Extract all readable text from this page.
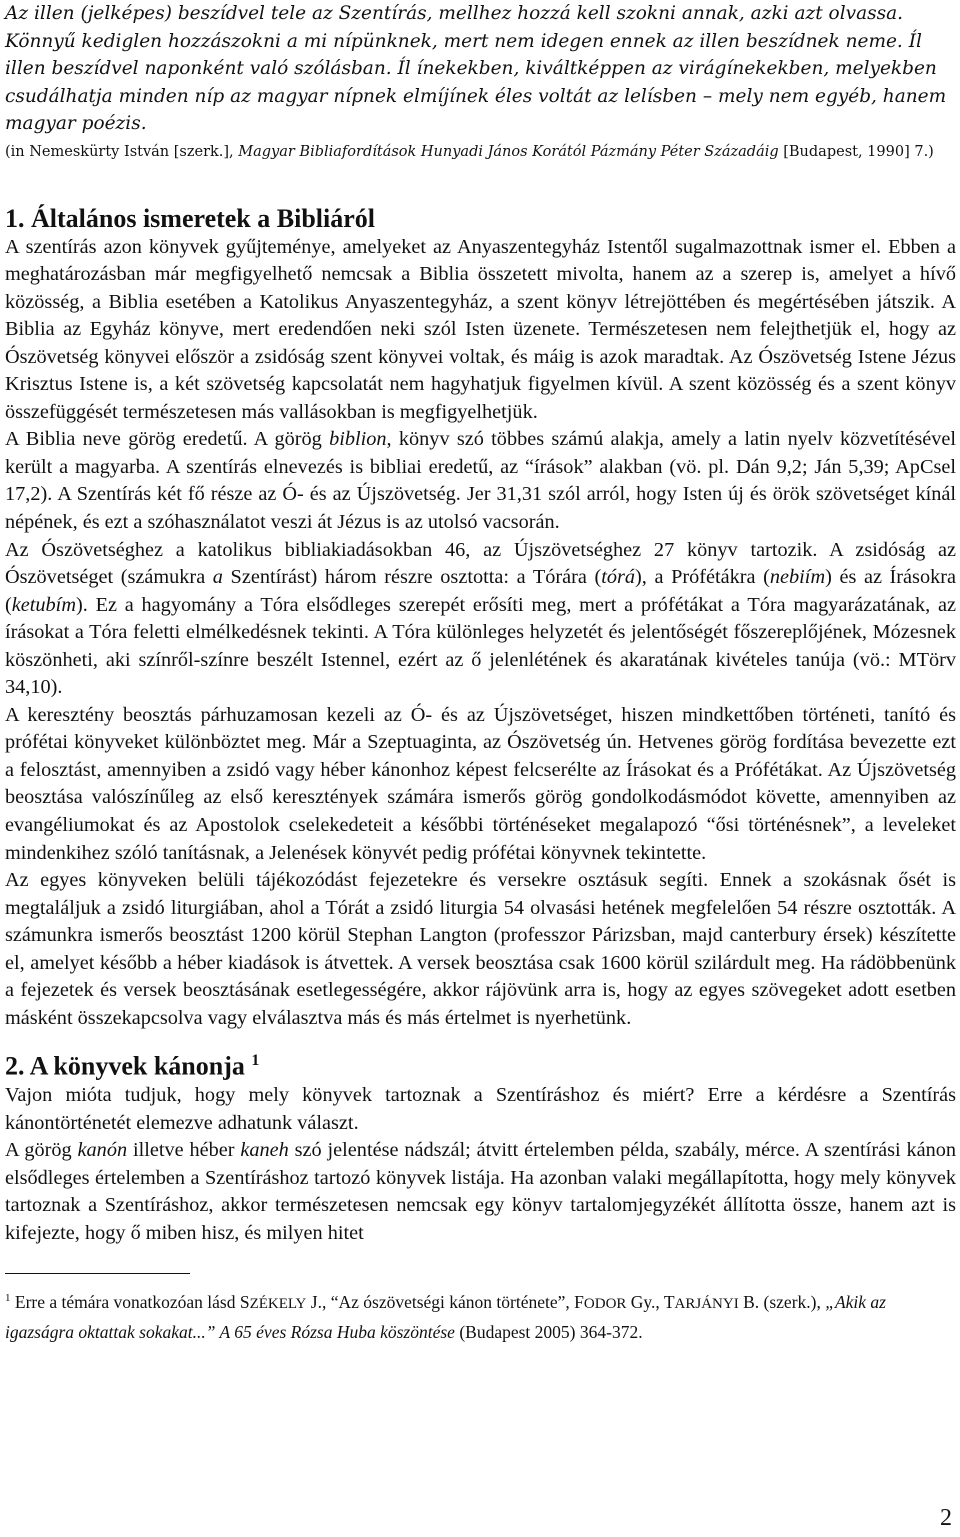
Az illen (jelképes) beszídvel tele az Szentírás, mellhez hozzá kell szokni annak, azki azt olvassa. Könnyű kediglen hozzászokni a mi nípünknek, mert nem idegen ennek az illen beszídnek neme. Íl illen beszídvel naponként való szólásban. Íl ínekekben, kiváltképpen az virágínekekben, melyekben csudálhatja minden níp az magyar nípnek elmíjínek éles voltát az lelísben – mely nem egyéb, hanem magyar poézis.

(in Nemeskürty István [szerk.], Magyar Bibliafordítások Hunyadi János Korától Pázmány Péter Századáig [Budapest, 1990] 7.)

1. Általános ismeretek a Bibliáról

A szentírás azon könyvek gyűjteménye, amelyeket az Anyaszentegyház Istentől sugalmazottnak ismer el. Ebben a meghatározásban már megfigyelhető nemcsak a Biblia összetett mivolta, hanem az a szerep is, amelyet a hívő közösség, a Biblia esetében a Katolikus Anyaszentegyház, a szent könyv létrejöttében és megértésében játszik. A Biblia az Egyház könyve, mert eredendően neki szól Isten üzenete. Természetesen nem felejthetjük el, hogy az Ószövetség könyvei először a zsidóság szent könyvei voltak, és máig is azok maradtak. Az Ószövetség Istene Jézus Krisztus Istene is, a két szövetség kapcsolatát nem hagyhatjuk figyelmen kívül. A szent közösség és a szent könyv összefüggését természetesen más vallásokban is megfigyelhetjük.

A Biblia neve görög eredetű. A görög biblion, könyv szó többes számú alakja, amely a latin nyelv közvetítésével került a magyarba. A szentírás elnevezés is bibliai eredetű, az “írások” alakban (vö. pl. Dán 9,2; Ján 5,39; ApCsel 17,2). A Szentírás két fő része az Ó- és az Újszövetség. Jer 31,31 szól arról, hogy Isten új és örök szövetséget kínál népének, és ezt a szóhasználatot veszi át Jézus is az utolsó vacsorán.

Az Ószövetséghez a katolikus bibliakiadásokban 46, az Újszövetséghez 27 könyv tartozik. A zsidóság az Ószövetséget (számukra a Szentírást) három részre osztotta: a Tórára (tórá), a Prófétákra (nebiím) és az Írásokra (ketubím). Ez a hagyomány a Tóra elsődleges szerepét erősíti meg, mert a prófétákat a Tóra magyarázatának, az írásokat a Tóra feletti elmélkedésnek tekinti. A Tóra különleges helyzetét és jelentőségét főszereplőjének, Mózesnek köszönheti, aki színről-színre beszélt Istennel, ezért az ő jelenlétének és akaratának kivételes tanúja (vö.: MTörv 34,10).

A keresztény beosztás párhuzamosan kezeli az Ó- és az Újszövetséget, hiszen mindkettőben történeti, tanító és prófétai könyveket különböztet meg. Már a Szeptuaginta, az Ószövetség ún. Hetvenes görög fordítása bevezette ezt a felosztást, amennyiben a zsidó vagy héber kánonhoz képest felcserélte az Írásokat és a Prófétákat. Az Újszövetség beosztása valószínűleg az első keresztények számára ismerős görög gondolkodásmódot követte, amennyiben az evangéliumokat és az Apostolok cselekedeteit a későbbi történéseket megalapozó “ősi történésnek”, a leveleket mindenkihez szóló tanításnak, a Jelenések könyvét pedig prófétai könyvnek tekintette.

Az egyes könyveken belüli tájékozódást fejezetekre és versekre osztásuk segíti. Ennek a szokásnak ősét is megtaláljuk a zsidó liturgiában, ahol a Tórát a zsidó liturgia 54 olvasási hetének megfelelően 54 részre osztották. A számunkra ismerős beosztást 1200 körül Stephan Langton (professzor Párizsban, majd canterbury érsek) készítette el, amelyet később a héber kiadások is átvettek. A versek beosztása csak 1600 körül szilárdult meg. Ha rádöbbenünk a fejezetek és versek beosztásának esetlegességére, akkor rájövünk arra is, hogy az egyes szövegeket adott esetben másként összekapcsolva vagy elválasztva más és más értelmet is nyerhetünk.

2. A könyvek kánonja $^1$

Vajon mióta tudjuk, hogy mely könyvek tartoznak a Szentíráshoz és miért? Erre a kérdésre a Szentírás kánontörténetét elemezve adhatunk választ.

A görög kanón illetve héber kaneh szó jelentése nádszál; átvitt értelemben példa, szabály, mérce. A szentírási kánon elsődleges értelemben a Szentíráshoz tartozó könyvek listája. Ha azonban valaki megállapította, hogy mely könyvek tartoznak a Szentíráshoz, akkor természetesen nemcsak egy könyv tartalomjegyzékét állította össze, hanem azt is kifejezte, hogy ő miben hisz, és milyen hitet

$^1$ Erre a témára vonatkozóan lásd SZÉKELY J., “Az ószövetségi kánon története”, FODOR Gy., TARJÁNYI B. (szerk.), „Akik az igazságra oktattak sokakat...” A 65 éves Rózsa Huba köszöntése (Budapest 2005) 364-372.

2
